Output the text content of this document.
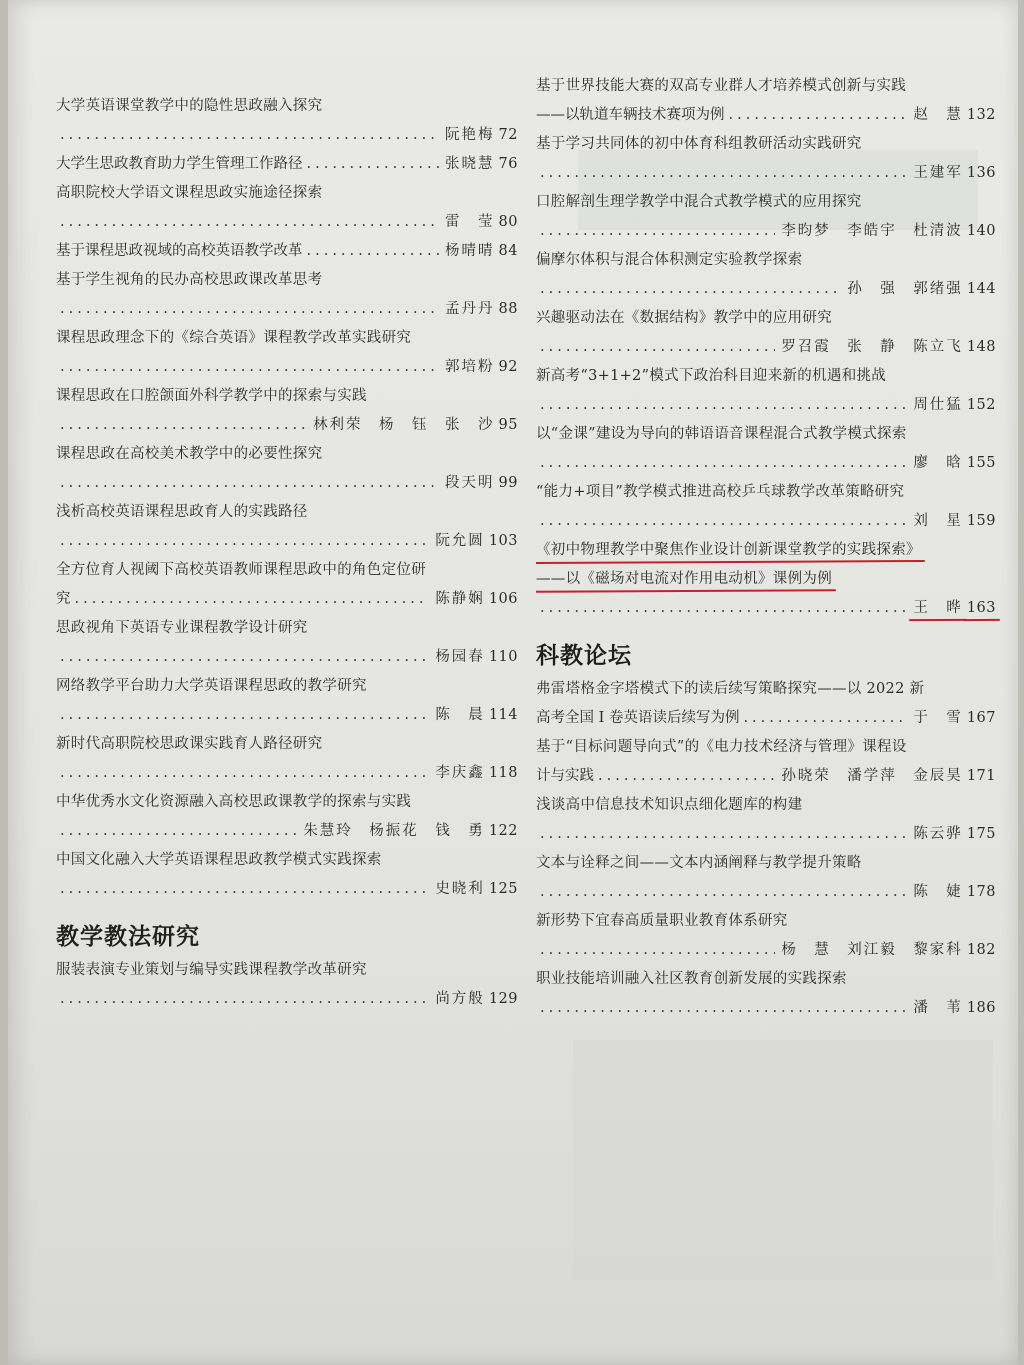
大学英语课堂教学中的隐性思政融入探究
.....
阮艳梅 72
大学生思政教育助力学生管理工作路径 .....	张晓慧 76
高职院校大学语文课程思政实施途径探索
.....
雷　莹 80
基于课程思政视域的高校英语教学改革 .....	杨晴晴 84
基于学生视角的民办高校思政课改革思考
.....
孟丹丹 88
课程思政理念下的《综合英语》课程教学改革实践研究
.....
郭培粉 92
课程思政在口腔颌面外科学教学中的探索与实践
.....
林利荣　杨　钰　张　沙 95
课程思政在高校美术教学中的必要性探究
.....
段天明 99
浅析高校英语课程思政育人的实践路径
.....
阮允圆 103
全方位育人视阈下高校英语教师课程思政中的角色定位研
究 .....	陈静娴 106
思政视角下英语专业课程教学设计研究
.....
杨园春 110
网络教学平台助力大学英语课程思政的教学研究
.....
陈　晨 114
新时代高职院校思政课实践育人路径研究
.....
李庆鑫 118
中华优秀水文化资源融入高校思政课教学的探索与实践
.....
朱慧玲　杨振花　钱　勇 122
中国文化融入大学英语课程思政教学模式实践探索
.....
史晓利 125
教学教法研究
服装表演专业策划与编导实践课程教学改革研究
.....
尚方般 129
基于世界技能大赛的双高专业群人才培养模式创新与实践
——以轨道车辆技术赛项为例 .....	赵　慧 132
基于学习共同体的初中体育科组教研活动实践研究
.....
王建军 136
口腔解剖生理学教学中混合式教学模式的应用探究
.....
李昀梦　李皓宇　杜清波 140
偏摩尔体积与混合体积测定实验教学探索
.....
孙　强　郭绪强 144
兴趣驱动法在《数据结构》教学中的应用研究
.....
罗召霞　张　静　陈立飞 148
新高考“3+1+2”模式下政治科目迎来新的机遇和挑战
.....
周仕猛 152
以“金课”建设为导向的韩语语音课程混合式教学模式探索
.....
廖　晗 155
“能力+项目”教学模式推进高校乒乓球教学改革策略研究
.....
刘　星 159
《初中物理教学中聚焦作业设计创新课堂教学的实践探索》
——以《磁场对电流对作用电动机》课例为例
.....
王　晔 163
科教论坛
弗雷塔格金字塔模式下的读后续写策略探究——以 2022 新
高考全国 I 卷英语读后续写为例 .....	于　雪 167
基于“目标问题导向式”的《电力技术经济与管理》课程设
计与实践 .....	孙晓荣　潘学萍　金辰昊 171
浅谈高中信息技术知识点细化题库的构建
.....
陈云骅 175
文本与诠释之间——文本内涵阐释与教学提升策略
.....
陈　婕 178
新形势下宜春高质量职业教育体系研究
.....
杨　慧　刘江毅　黎家科 182
职业技能培训融入社区教育创新发展的实践探索
.....
潘　苇 186
